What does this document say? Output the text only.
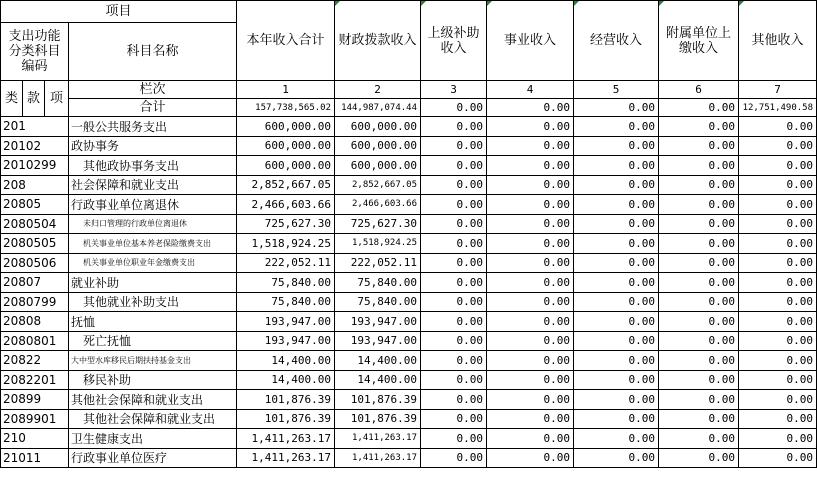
项目				本年收入合计	财政拨款收入	上级补助收入	事业收入	经营收入	附属单位上缴收入	其他收入
支出功能分类科目编码			科目名称							

类	款	项	栏次	1	2	3	4	5	6	7
			合计	157,738,565.02	144,987,074.44	0.00	0.00	0.00	0.00	12,751,490.58
201			一般公共服务支出	600,000.00	600,000.00	0.00	0.00	0.00	0.00	0.00
20102			政协事务	600,000.00	600,000.00	0.00	0.00	0.00	0.00	0.00
2010299			其他政协事务支出	600,000.00	600,000.00	0.00	0.00	0.00	0.00	0.00
208			社会保障和就业支出	2,852,667.05	2,852,667.05	0.00	0.00	0.00	0.00	0.00
20805			行政事业单位离退休	2,466,603.66	2,466,603.66	0.00	0.00	0.00	0.00	0.00
2080504			未归口管理的行政单位离退休	725,627.30	725,627.30	0.00	0.00	0.00	0.00	0.00
2080505			机关事业单位基本养老保险缴费支出	1,518,924.25	1,518,924.25	0.00	0.00	0.00	0.00	0.00
2080506			机关事业单位职业年金缴费支出	222,052.11	222,052.11	0.00	0.00	0.00	0.00	0.00
20807			就业补助	75,840.00	75,840.00	0.00	0.00	0.00	0.00	0.00
2080799			其他就业补助支出	75,840.00	75,840.00	0.00	0.00	0.00	0.00	0.00
20808			抚恤	193,947.00	193,947.00	0.00	0.00	0.00	0.00	0.00
2080801			死亡抚恤	193,947.00	193,947.00	0.00	0.00	0.00	0.00	0.00
20822			大中型水库移民后期扶持基金支出	14,400.00	14,400.00	0.00	0.00	0.00	0.00	0.00
2082201			移民补助	14,400.00	14,400.00	0.00	0.00	0.00	0.00	0.00
20899			其他社会保障和就业支出	101,876.39	101,876.39	0.00	0.00	0.00	0.00	0.00
2089901			其他社会保障和就业支出	101,876.39	101,876.39	0.00	0.00	0.00	0.00	0.00
210			卫生健康支出	1,411,263.17	1,411,263.17	0.00	0.00	0.00	0.00	0.00
21011			行政事业单位医疗	1,411,263.17	1,411,263.17	0.00	0.00	0.00	0.00	0.00
